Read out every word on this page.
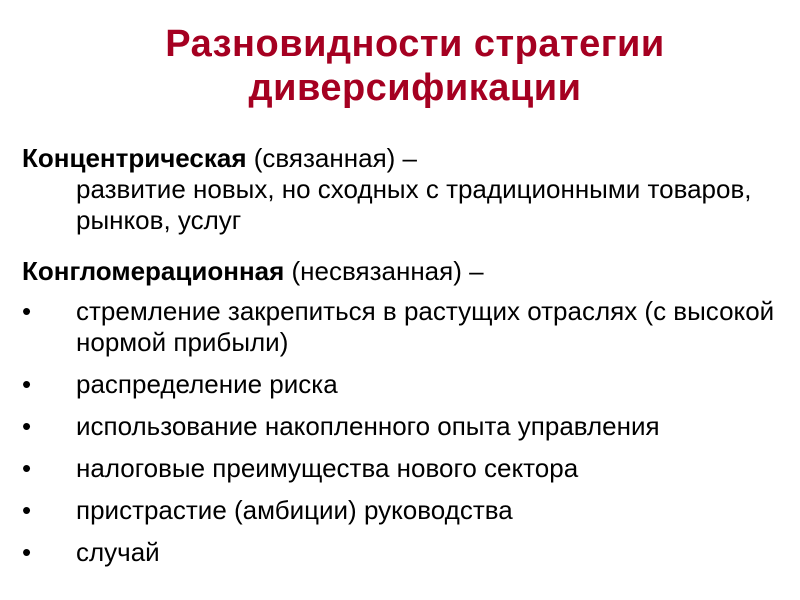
Разновидности стратегии
диверсификации

Концентрическая (связанная) –
развитие новых, но сходных с традиционными товаров, рынков, услуг

Конгломерационная (несвязанная) –

•	стремление закрепиться в растущих отраслях (с высокой нормой прибыли)
•	распределение риска
•	использование накопленного опыта управления
•	налоговые преимущества нового сектора
•	пристрастие (амбиции) руководства
•	случай
